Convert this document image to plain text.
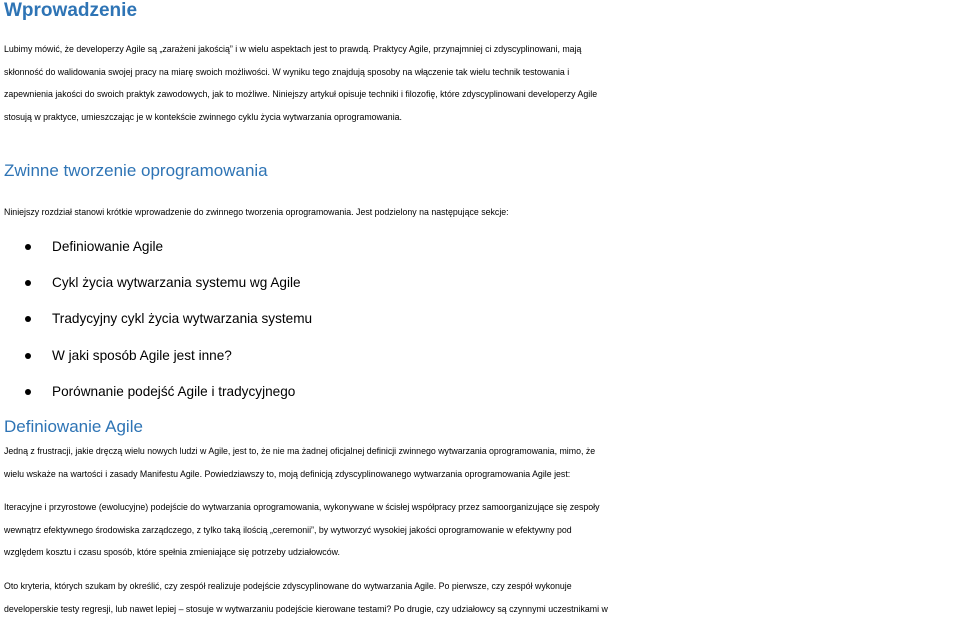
Wprowadzenie
Lubimy mówić, że developerzy Agile są „zarażeni jakością” i w wielu aspektach jest to prawdą. Praktycy Agile, przynajmniej ci zdyscyplinowani, mają
skłonność do walidowania swojej pracy na miarę swoich możliwości. W wyniku tego znajdują sposoby na włączenie tak wielu technik testowania i
zapewnienia jakości do swoich praktyk zawodowych, jak to możliwe. Niniejszy artykuł opisuje techniki i filozofię, które zdyscyplinowani developerzy Agile
stosują w praktyce, umieszczając je w kontekście zwinnego cyklu życia wytwarzania oprogramowania.
Zwinne tworzenie oprogramowania
Niniejszy rozdział stanowi krótkie wprowadzenie do zwinnego tworzenia oprogramowania. Jest podzielony na następujące sekcje:
Definiowanie Agile
Cykl życia wytwarzania systemu wg Agile
Tradycyjny cykl życia wytwarzania systemu
W jaki sposób Agile jest inne?
Porównanie podejść Agile i tradycyjnego
Definiowanie Agile
Jedną z frustracji, jakie dręczą wielu nowych ludzi w Agile, jest to, że nie ma żadnej oficjalnej definicji zwinnego wytwarzania oprogramowania, mimo, że
wielu wskaże na wartości i zasady Manifestu Agile. Powiedziawszy to, moją definicją zdyscyplinowanego wytwarzania oprogramowania Agile jest:
Iteracyjne i przyrostowe (ewolucyjne) podejście do wytwarzania oprogramowania, wykonywane w ścisłej współpracy przez samoorganizujące się zespoły
wewnątrz efektywnego środowiska zarządczego, z tylko taką ilością „ceremonii”, by wytworzyć wysokiej jakości oprogramowanie w efektywny pod
względem kosztu i czasu sposób, które spełnia zmieniające się potrzeby udziałowców.
Oto kryteria, których szukam by określić, czy zespół realizuje podejście zdyscyplinowane do wytwarzania Agile. Po pierwsze, czy zespół wykonuje
developerskie testy regresji, lub nawet lepiej – stosuje w wytwarzaniu podejście kierowane testami? Po drugie, czy udziałowcy są czynnymi uczestnikami w
